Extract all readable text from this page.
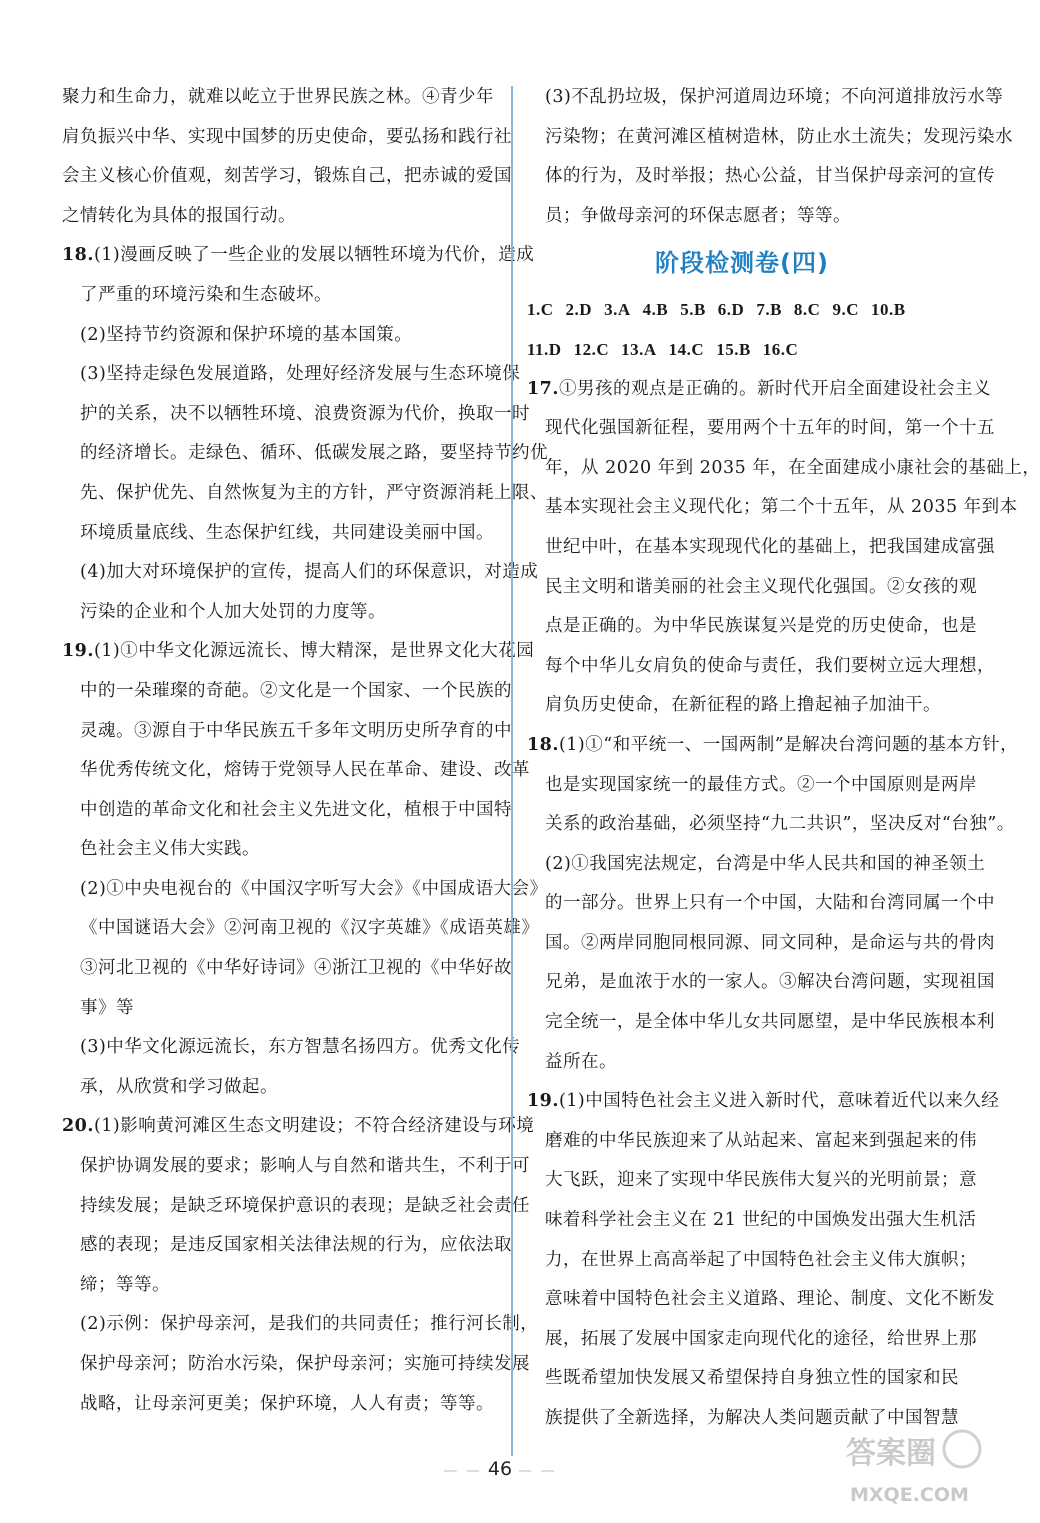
聚力和生命力，就难以屹立于世界民族之林。④青少年
肩负振兴中华、实现中国梦的历史使命，要弘扬和践行社
会主义核心价值观，刻苦学习，锻炼自己，把赤诚的爱国
之情转化为具体的报国行动。
18.(1)漫画反映了一些企业的发展以牺牲环境为代价，造成
了严重的环境污染和生态破坏。
(2)坚持节约资源和保护环境的基本国策。
(3)坚持走绿色发展道路，处理好经济发展与生态环境保
护的关系，决不以牺牲环境、浪费资源为代价，换取一时
的经济增长。走绿色、循环、低碳发展之路，要坚持节约优
先、保护优先、自然恢复为主的方针，严守资源消耗上限、
环境质量底线、生态保护红线，共同建设美丽中国。
(4)加大对环境保护的宣传，提高人们的环保意识，对造成
污染的企业和个人加大处罚的力度等。
19.(1)①中华文化源远流长、博大精深，是世界文化大花园
中的一朵璀璨的奇葩。②文化是一个国家、一个民族的
灵魂。③源自于中华民族五千多年文明历史所孕育的中
华优秀传统文化，熔铸于党领导人民在革命、建设、改革
中创造的革命文化和社会主义先进文化，植根于中国特
色社会主义伟大实践。
(2)①中央电视台的《中国汉字听写大会》《中国成语大会》
《中国谜语大会》②河南卫视的《汉字英雄》《成语英雄》
③河北卫视的《中华好诗词》④浙江卫视的《中华好故
事》等
(3)中华文化源远流长，东方智慧名扬四方。优秀文化传
承，从欣赏和学习做起。
20.(1)影响黄河滩区生态文明建设；不符合经济建设与环境
保护协调发展的要求；影响人与自然和谐共生，不利于可
持续发展；是缺乏环境保护意识的表现；是缺乏社会责任
感的表现；是违反国家相关法律法规的行为，应依法取
缔；等等。
(2)示例：保护母亲河，是我们的共同责任；推行河长制，
保护母亲河；防治水污染，保护母亲河；实施可持续发展
战略，让母亲河更美；保护环境，人人有责；等等。
(3)不乱扔垃圾，保护河道周边环境；不向河道排放污水等
污染物；在黄河滩区植树造林，防止水土流失；发现污染水
体的行为，及时举报；热心公益，甘当保护母亲河的宣传
员；争做母亲河的环保志愿者；等等。
阶段检测卷(四)
1.C 2.D 3.A 4.B 5.B 6.D 7.B 8.C 9.C 10.B
11.D 12.C 13.A 14.C 15.B 16.C
17.①男孩的观点是正确的。新时代开启全面建设社会主义
现代化强国新征程，要用两个十五年的时间，第一个十五
年，从 2020 年到 2035 年，在全面建成小康社会的基础上，
基本实现社会主义现代化；第二个十五年，从 2035 年到本
世纪中叶，在基本实现现代化的基础上，把我国建成富强
民主文明和谐美丽的社会主义现代化强国。②女孩的观
点是正确的。为中华民族谋复兴是党的历史使命，也是
每个中华儿女肩负的使命与责任，我们要树立远大理想，
肩负历史使命，在新征程的路上撸起袖子加油干。
18.(1)①“和平统一、一国两制”是解决台湾问题的基本方针，
也是实现国家统一的最佳方式。②一个中国原则是两岸
关系的政治基础，必须坚持“九二共识”，坚决反对“台独”。
(2)①我国宪法规定，台湾是中华人民共和国的神圣领土
的一部分。世界上只有一个中国，大陆和台湾同属一个中
国。②两岸同胞同根同源、同文同种，是命运与共的骨肉
兄弟，是血浓于水的一家人。③解决台湾问题，实现祖国
完全统一，是全体中华儿女共同愿望，是中华民族根本利
益所在。
19.(1)中国特色社会主义进入新时代，意味着近代以来久经
磨难的中华民族迎来了从站起来、富起来到强起来的伟
大飞跃，迎来了实现中华民族伟大复兴的光明前景；意
味着科学社会主义在 21 世纪的中国焕发出强大生机活
力，在世界上高高举起了中国特色社会主义伟大旗帜；
意味着中国特色社会主义道路、理论、制度、文化不断发
展，拓展了发展中国家走向现代化的途径，给世界上那
些既希望加快发展又希望保持自身独立性的国家和民
族提供了全新选择，为解决人类问题贡献了中国智慧
— — 46 — —	答案圈
MXQE.COM
